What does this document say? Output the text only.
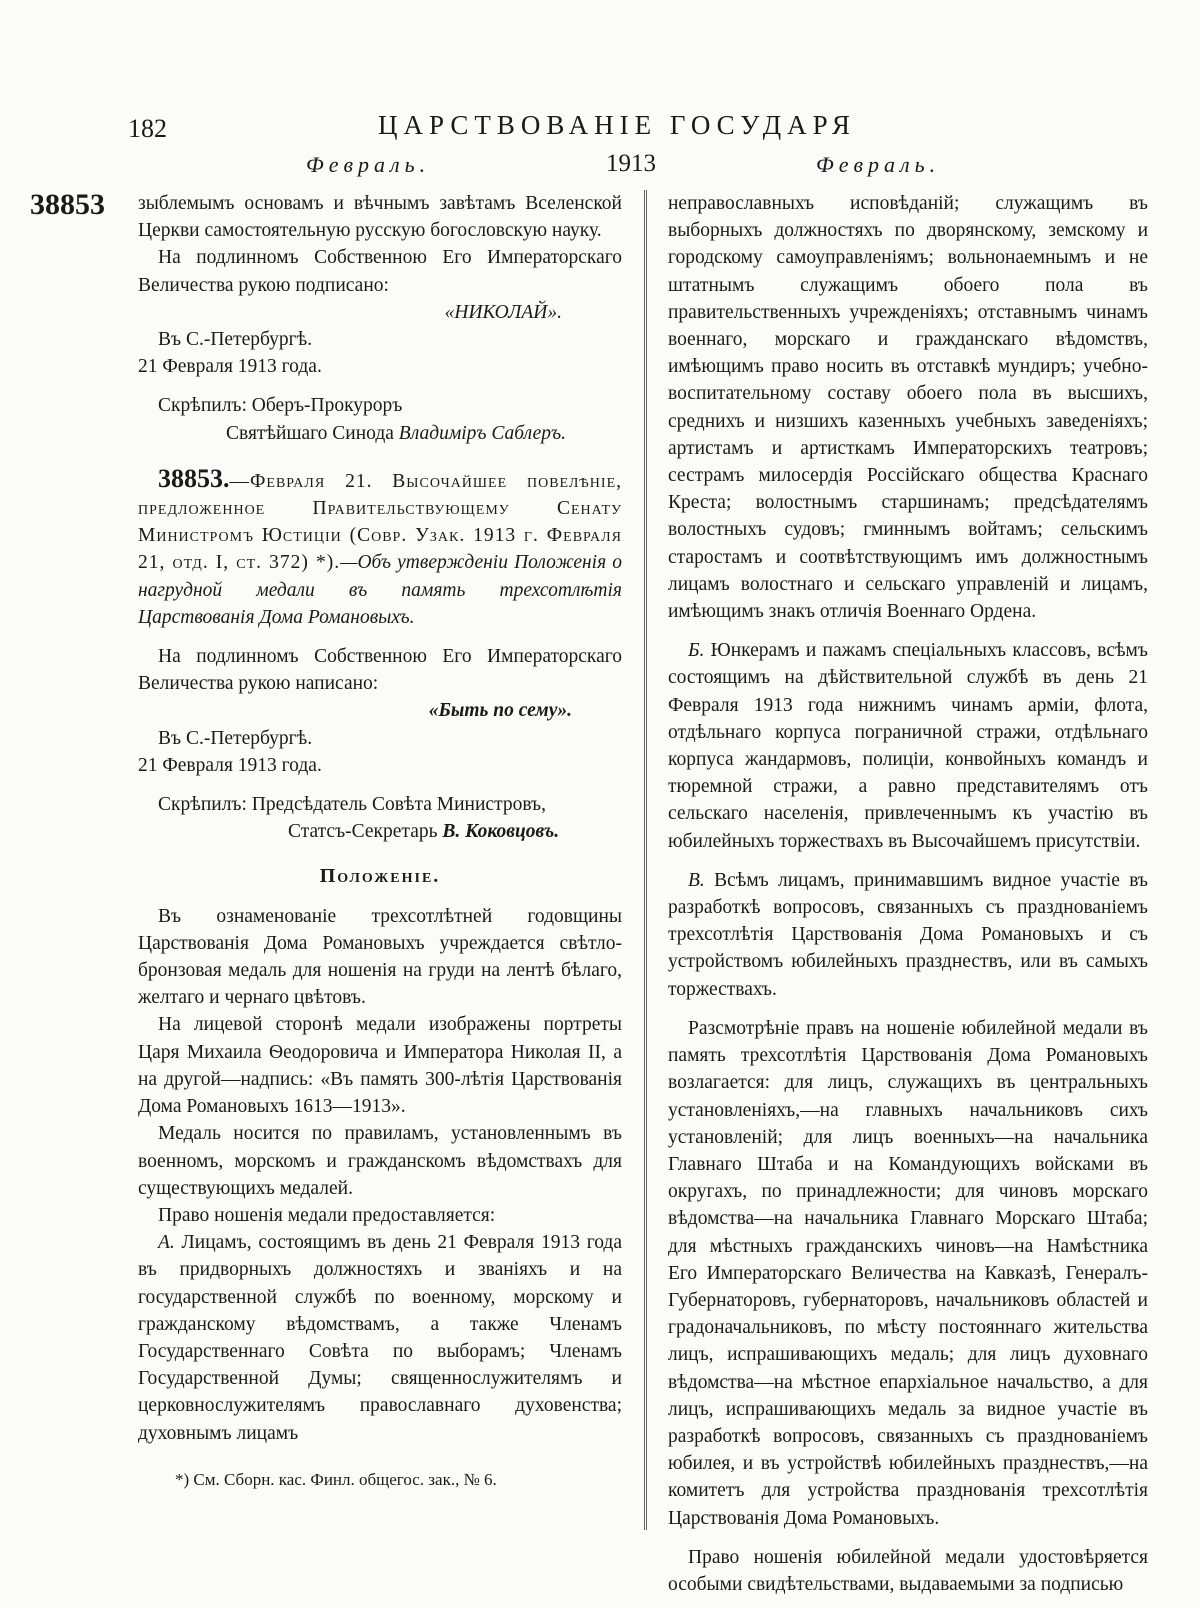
182	ЦАРСТВОВАНІЕ ГОСУДАРЯ
Февраль.	1913	Февраль.
38853 зыблемымъ основамъ и вѣчнымъ завѣтамъ Вселенской Церкви самостоятельную русскую богословскую науку.

На подлинномъ Собственною Его Императорскаго Величества рукою подписано:

«НИКОЛАЙ».

Въ С.-Петербургѣ.

21 Февраля 1913 года.

Скрѣпилъ: Оберъ-Прокуроръ

Святѣйшаго Синода Владимiръ Саблеръ.

38853.—Февраля 21. Высочайшее повелѣніе, предложенное Правительствующему Сенату Министромъ Юстиціи (Совр. Узак. 1913 г. Февраля 21, отд. I, ст. 372) *).—Объ утвержденіи Положенія о нагрудной медали въ память трехсотлѣтія Царствованія Дома Романовыхъ.

На подлинномъ Собственною Его Императорскаго Величества рукою написано:

«Быть по сему».

Въ С.-Петербургѣ.

21 Февраля 1913 года.

Скрѣпилъ: Предсѣдатель Совѣта Министровъ,

Статсъ-Секретарь В. Коковцовъ.

Положеніе.

Въ ознаменованіе трехсотлѣтней годовщины Царствованія Дома Романовыхъ учреждается свѣтло-бронзовая медаль для ношенія на груди на лентѣ бѣлаго, желтаго и чернаго цвѣтовъ.

На лицевой сторонѣ медали изображены портреты Царя Михаила Ѳеодоровича и Императора Николая II, а на другой—надпись: «Въ память 300-лѣтія Царствованія Дома Романовыхъ 1613—1913».

Медаль носится по правиламъ, установленнымъ въ военномъ, морскомъ и гражданскомъ вѣдомствахъ для существующихъ медалей.

Право ношенія медали предоставляется:

А. Лицамъ, состоящимъ въ день 21 Февраля 1913 года въ придворныхъ должностяхъ и званіяхъ и на государственной службѣ по военному, морскому и гражданскому вѣдомствамъ, а также Членамъ Государственнаго Совѣта по выборамъ; Членамъ Государственной Думы; священнослужителямъ и церковнослужителямъ православнаго духовенства; духовнымъ лицамъ

*) См. Сборн. кас. Финл. общегос. зак., № 6.

неправославныхъ исповѣданій; служащимъ въ выборныхъ должностяхъ по дворянскому, земскому и городскому самоуправленіямъ; вольнонаемнымъ и не штатнымъ служащимъ обоего пола въ правительственныхъ учрежденіяхъ; отставнымъ чинамъ военнаго, морскаго и гражданскаго вѣдомствъ, имѣющимъ право носить въ отставкѣ мундиръ; учебно-воспитательному составу обоего пола въ высшихъ, среднихъ и низшихъ казенныхъ учебныхъ заведеніяхъ; артистамъ и артисткамъ Императорскихъ театровъ; сестрамъ милосердія Россійскаго общества Краснаго Креста; волостнымъ старшинамъ; предсѣдателямъ волостныхъ судовъ; гминнымъ войтамъ; сельскимъ старостамъ и соотвѣтствующимъ имъ должностнымъ лицамъ волостнаго и сельскаго управленій и лицамъ, имѣющимъ знакъ отличія Военнаго Ордена.

Б. Юнкерамъ и пажамъ спеціальныхъ классовъ, всѣмъ состоящимъ на дѣйствительной службѣ въ день 21 Февраля 1913 года нижнимъ чинамъ арміи, флота, отдѣльнаго корпуса пограничной стражи, отдѣльнаго корпуса жандармовъ, полиціи, конвойныхъ командъ и тюремной стражи, а равно представителямъ отъ сельскаго населенія, привлеченнымъ къ участію въ юбилейныхъ торжествахъ въ Высочайшемъ присутствіи.

В. Всѣмъ лицамъ, принимавшимъ видное участіе въ разработкѣ вопросовъ, связанныхъ съ празднованіемъ трехсотлѣтія Царствованія Дома Романовыхъ и съ устройствомъ юбилейныхъ празднествъ, или въ самыхъ торжествахъ.

Разсмотрѣніе правъ на ношеніе юбилейной медали въ память трехсотлѣтія Царствованія Дома Романовыхъ возлагается: для лицъ, служащихъ въ центральныхъ установленіяхъ,—на главныхъ начальниковъ сихъ установленій; для лицъ военныхъ—на начальника Главнаго Штаба и на Командующихъ войсками въ округахъ, по принадлежности; для чиновъ морскаго вѣдомства—на начальника Главнаго Морскаго Штаба; для мѣстныхъ гражданскихъ чиновъ—на Намѣстника Его Императорскаго Величества на Кавказѣ, Генералъ-Губернаторовъ, губернаторовъ, начальниковъ областей и градоначальниковъ, по мѣсту постояннаго жительства лицъ, испрашивающихъ медаль; для лицъ духовнаго вѣдомства—на мѣстное епархіальное начальство, а для лицъ, испрашивающихъ медаль за видное участіе въ разработкѣ вопросовъ, связанныхъ съ празднованіемъ юбилея, и въ устройствѣ юбилейныхъ празднествъ,—на комитетъ для устройства празднованія трехсотлѣтія Царствованія Дома Романовыхъ.

Право ношенія юбилейной медали удостовѣряется особыми свидѣтельствами, выдаваемыми за подписью
